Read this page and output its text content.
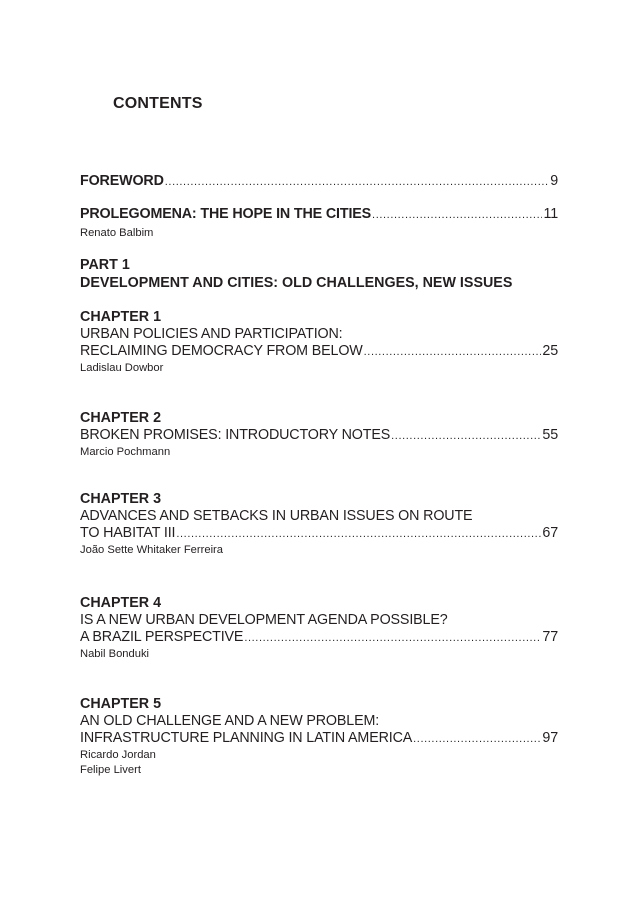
CONTENTS
FOREWORD .....	9
PROLEGOMENA: THE HOPE IN THE CITIES .....	11
Renato Balbim
PART 1
DEVELOPMENT AND CITIES: OLD CHALLENGES, NEW ISSUES
CHAPTER 1
URBAN POLICIES AND PARTICIPATION:
RECLAIMING DEMOCRACY FROM BELOW .....	25
Ladislau Dowbor
CHAPTER 2
BROKEN PROMISES: INTRODUCTORY NOTES .....	55
Marcio Pochmann
CHAPTER 3
ADVANCES AND SETBACKS IN URBAN ISSUES ON ROUTE
TO HABITAT III .....	67
João Sette Whitaker Ferreira
CHAPTER 4
IS A NEW URBAN DEVELOPMENT AGENDA POSSIBLE?
A BRAZIL PERSPECTIVE .....	77
Nabil Bonduki
CHAPTER 5
AN OLD CHALLENGE AND A NEW PROBLEM:
INFRASTRUCTURE PLANNING IN LATIN AMERICA .....	97
Ricardo Jordan
Felipe Livert
